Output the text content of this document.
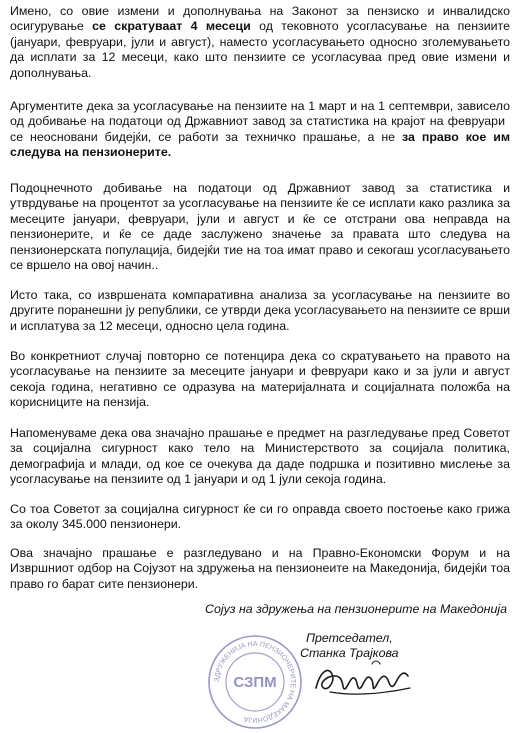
Имено, со овие измени и дополнувања на Законот за пензиско и инвалидско осигурување се скратуваат 4 месеци од тековното усогласување на пензиите (јануари, февруари, јули и август), наместо усогласувањето односно зголемувањето да исплати за 12 месеци, како што пензиите се усогласуваа пред овие измени и дополнувања.

Аргументите дека за усогласување на пензиите на 1 март и на 1 септември, зависело од добивање на податоци од Државниот завод за статистика на крајот на февруарисе неосновани бидејќи, се работи за техничко прашање, а не за право кое им следува на пензионерите.

Подоцнечното добивање на податоци од Државниот завод за статистика и утврдување на процентот за усогласување на пензиите ќе се исплати како разлика за месеците јануари, февруари, јули и август и ќе се отстрани ова неправда на пензионерите, и ќе се даде заслужено значење за правата што следува на пензионерската популација, бидејќи тие на тоа имат право и секогаш усогласувањето се вршело на овој начин..

Исто така, со извршената компаративна анализа за усогласување на пензиите во другите поранешни ју републики, се утврди дека усогласувањето на пензиите се врши и исплатува за 12 месеци, односно цела година.

Во конкретниот случај повторно се потенцира дека со скратувањето на правото на усогласување на пензиите за месеците јануари и февруари како и за јули и август секоја година, негативно се одразува на материјалната и социјалната положба на корисниците на пензија.

Напоменуваме дека ова значајно прашање е предмет на разгледување пред Советот за социјална сигурност како тело на Министерството за социјала политика, демографија и млади, од кое се очекува да даде подршка и позитивно мислење за усогласување на пензиите од 1 јануари и од 1 јули секоја година.

Со тоа Советот за социјална сигурност ќе си го оправда своето постоење како грижа за околу 345.000 пензионери.

Ова значајно прашање е разгледувано и на Правно-Економски Форум и на Извршниот одбор на Сојузот на здружења на пензионеите на Македонија, бидејќи тоа право го барат сите пензионери.

Сојуз на здружења на пензионерите на Македонија

ЗДРУЖЕНИЈА НА ПЕНЗИОНЕРИТЕ НА МАКЕДОНИЈА
СЗПМ
Претседател,
Станка Трајкова
